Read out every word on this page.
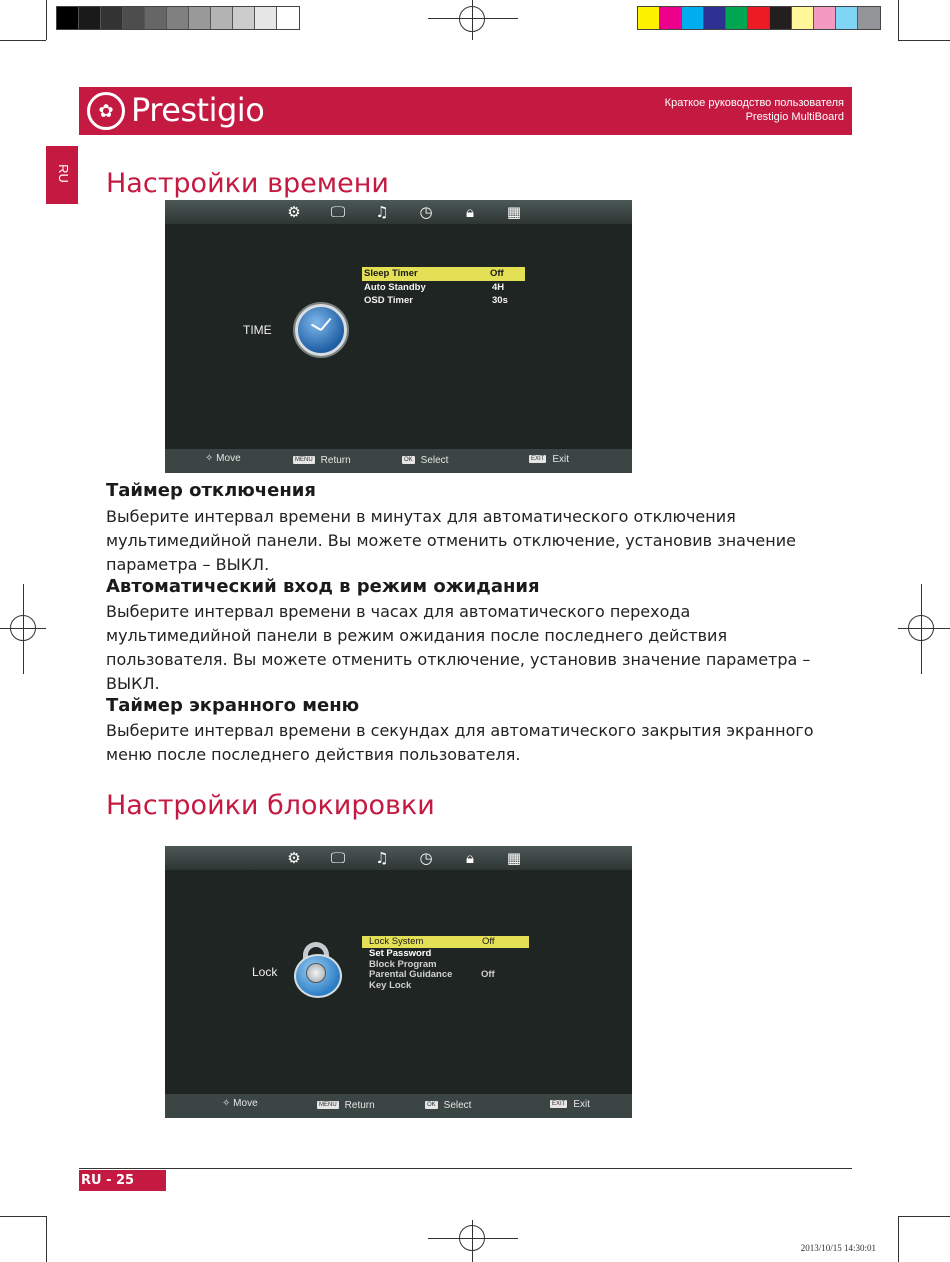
✿ Prestigio	Краткое руководство пользователя
Prestigio MultiBoard
RU Настройки времени
⚙ 🖵 ♫ ◷	🔒︎	▦
TIME
Sleep Timer	Off
Auto Standby	4H
OSD Timer	30s
✧ Move	MENU Return	OK Select	EXIT Exit
Таймер отключения
Выберите интервал времени в минутах для автоматического отключения мультимедийной панели. Вы можете отменить отключение, установив значение параметра – ВЫКЛ.
Автоматический вход в режим ожидания
Выберите интервал времени в часах для автоматического перехода мультимедийной панели в режим ожидания после последнего действия пользователя. Вы можете отменить отключение, установив значение параметра – ВЫКЛ.
Таймер экранного меню
Выберите интервал времени в секундах для автоматического закрытия экранного меню после последнего действия пользователя.
Настройки блокировки
⚙ 🖵 ♫ ◷	🔒︎	▦
Lock
Lock System	Off
Set Password
Block Program
Parental Guidance	Off
Key Lock
✧ Move	MENU Return	OK Select	EXIT Exit
RU - 25
2013/10/15 14:30:01
